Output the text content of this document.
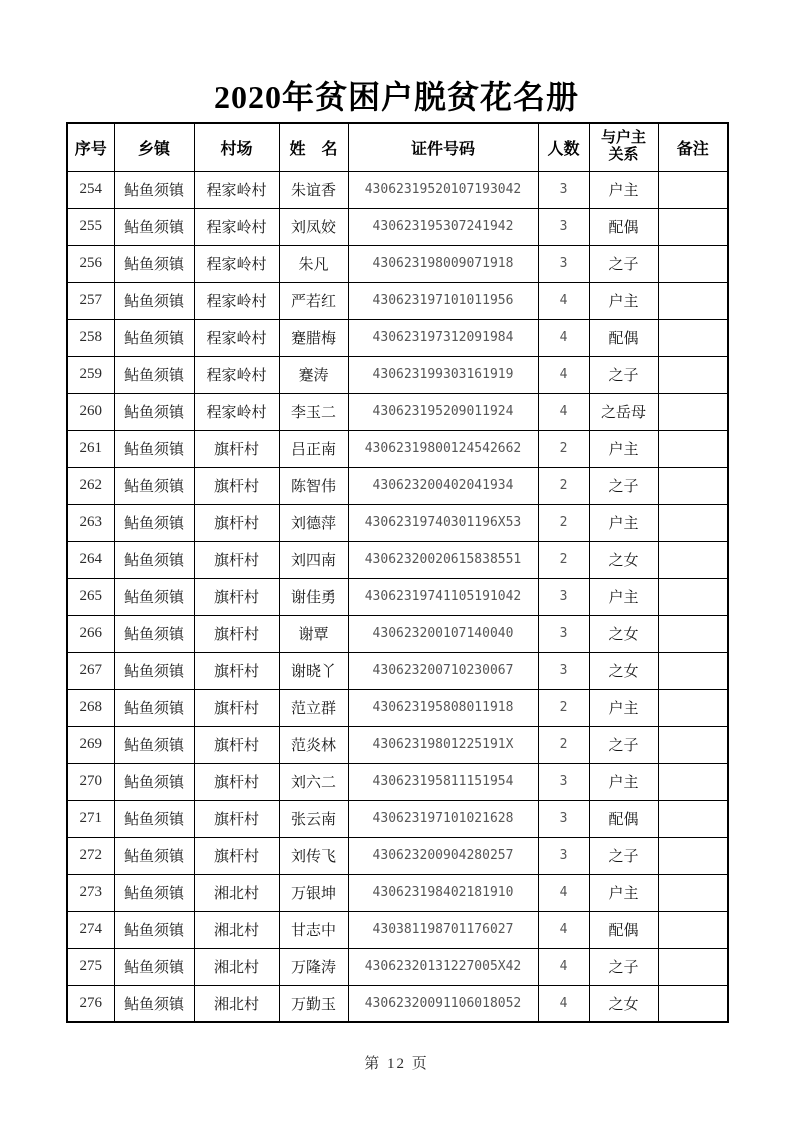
2020年贫困户脱贫花名册
序号	乡镇	村场	姓　名	证件号码	人数	与户主关系	备注
254	鲇鱼须镇	程家岭村	朱谊香	43062319520107193042	3	户主	
255	鲇鱼须镇	程家岭村	刘凤姣	430623195307241942	3	配偶	
256	鲇鱼须镇	程家岭村	朱凡	430623198009071918	3	之子	
257	鲇鱼须镇	程家岭村	严若红	430623197101011956	4	户主	
258	鲇鱼须镇	程家岭村	蹇腊梅	430623197312091984	4	配偶	
259	鲇鱼须镇	程家岭村	蹇涛	430623199303161919	4	之子	
260	鲇鱼须镇	程家岭村	李玉二	430623195209011924	4	之岳母	
261	鲇鱼须镇	旗杆村	吕正南	43062319800124542662	2	户主	
262	鲇鱼须镇	旗杆村	陈智伟	430623200402041934	2	之子	
263	鲇鱼须镇	旗杆村	刘德萍	43062319740301196X53	2	户主	
264	鲇鱼须镇	旗杆村	刘四南	43062320020615838551	2	之女	
265	鲇鱼须镇	旗杆村	谢佳勇	43062319741105191042	3	户主	
266	鲇鱼须镇	旗杆村	谢覃	430623200107140040	3	之女	
267	鲇鱼须镇	旗杆村	谢晓丫	430623200710230067	3	之女	
268	鲇鱼须镇	旗杆村	范立群	430623195808011918	2	户主	
269	鲇鱼须镇	旗杆村	范炎林	43062319801225191X	2	之子	
270	鲇鱼须镇	旗杆村	刘六二	430623195811151954	3	户主	
271	鲇鱼须镇	旗杆村	张云南	430623197101021628	3	配偶	
272	鲇鱼须镇	旗杆村	刘传飞	430623200904280257	3	之子	
273	鲇鱼须镇	湘北村	万银坤	430623198402181910	4	户主	
274	鲇鱼须镇	湘北村	甘志中	430381198701176027	4	配偶	
275	鲇鱼须镇	湘北村	万隆涛	43062320131227005X42	4	之子	
276	鲇鱼须镇	湘北村	万勤玉	43062320091106018052	4	之女	
第 12 页
